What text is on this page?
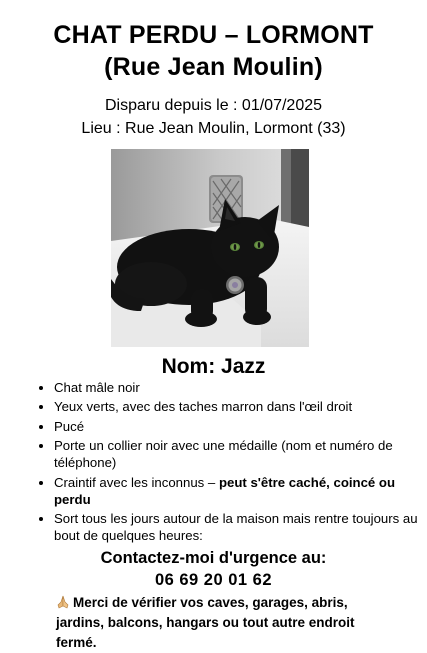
CHAT PERDU – LORMONT
(Rue Jean Moulin)
Disparu depuis le : 01/07/2025
Lieu : Rue Jean Moulin, Lormont (33)
Nom: Jazz
• Chat mâle noir
• Yeux verts, avec des taches marron dans l'œil droit
• Pucé
• Porte un collier noir avec une médaille (nom et numéro de téléphone)
• Craintif avec les inconnus – peut s'être caché, coincé ou perdu
• Sort tous les jours autour de la maison mais rentre toujours au bout de quelques heures:
Contactez-moi d'urgence au:
06 69 20 01 62
Merci de vérifier vos caves, garages, abris, jardins, balcons, hangars ou tout autre endroit fermé.
